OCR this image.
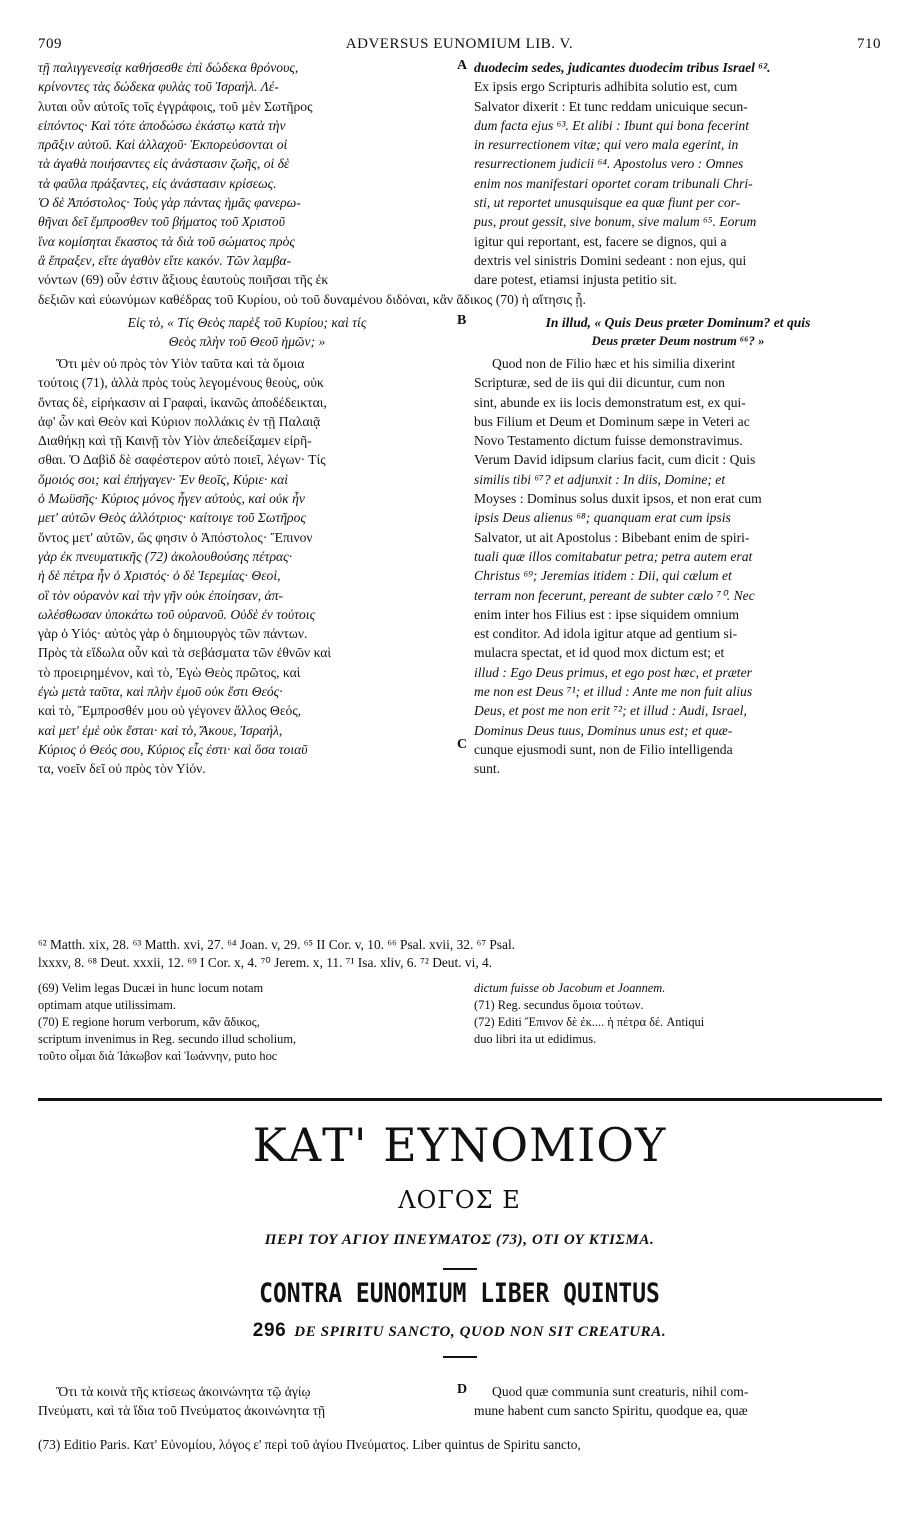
709	ADVERSUS EUNOMIUM LIB. V.	710

τῇ παλιγγενεσίᾳ καθήσεσθε ἐπὶ δώδεκα θρόνους,

κρίνοντες τὰς δώδεκα φυλὰς τοῦ Ἰσραήλ. Λέ-

λυται οὖν αὐτοῖς τοῖς ἐγγράφοις, τοῦ μὲν Σωτῆρος

εἰπόντος· Καὶ τότε ἀποδώσω ἑκάστῳ κατὰ τὴν

πρᾶξιν αὐτοῦ. Καὶ ἀλλαχοῦ· Ἐκπορεύσονται οἱ

τὰ ἀγαθὰ ποιήσαντες εἰς ἀνάστασιν ζωῆς, οἱ δὲ

τὰ φαῦλα πράξαντες, εἰς ἀνάστασιν κρίσεως.

Ὁ δὲ Ἀπόστολος· Τοὺς γὰρ πάντας ἡμᾶς φανερω-

θῆναι δεῖ ἔμπροσθεν τοῦ βήματος τοῦ Χριστοῦ

ἵνα κομίσηται ἕκαστος τὰ διὰ τοῦ σώματος πρὸς

ἃ ἔπραξεν, εἴτε ἀγαθὸν εἴτε κακόν. Τῶν λαμβα-

νόντων (69) οὖν ἐστιν ἄξιους ἑαυτοὺς ποιῆσαι τῆς ἐκ

A duodecim sedes, judicantes duodecim tribus Israel ⁶².

Ex ipsis ergo Scripturis adhibita solutio est, cum

Salvator dixerit : Et tunc reddam unicuique secun-

dum facta ejus ⁶³. Et alibi : Ibunt qui bona fecerint

in resurrectionem vitæ; qui vero mala egerint, in

resurrectionem judicii ⁶⁴. Apostolus vero : Omnes

enim nos manifestari oportet coram tribunali Chri-

sti, ut reportet unusquisque ea quæ fiunt per cor-

pus, prout gessit, sive bonum, sive malum ⁶⁵. Eorum

igitur qui reportant, est, facere se dignos, qui a

dextris vel sinistris Domini sedeant : non ejus, qui

dare potest, etiamsi injusta petitio sit.

δεξιῶν καὶ εὐωνύμων καθέδρας τοῦ Κυρίου, οὐ τοῦ δυναμένου διδόναι, κἂν ἄδικος (70) ἡ αἴτησις ᾖ.

Εἰς τὸ, « Τίς Θεὸς παρὲξ τοῦ Κυρίου; καὶ τίς

Θεὸς πλὴν τοῦ Θεοῦ ἡμῶν; »

B	In illud, « Quis Deus præter Dominum? et quis

Deus præter Deum nostrum ⁶⁶? »

Ὅτι μὲν οὐ πρὸς τὸν Υἱὸν ταῦτα καὶ τὰ ὅμοια

τούτοις (71), ἀλλὰ πρὸς τοὺς λεγομένους θεοὺς, οὐκ

ὄντας δὲ, εἰρήκασιν αἱ Γραφαὶ, ἱκανῶς ἀποδέδεικται,

ἀφ' ὧν καὶ Θεὸν καὶ Κύριον πολλάκις ἐν τῇ Παλαιᾷ

Διαθήκῃ καὶ τῇ Καινῇ τὸν Υἱὸν ἀπεδείξαμεν εἰρῆ-

σθαι. Ὁ Δαβὶδ δὲ σαφέστερον αὐτὸ ποιεῖ, λέγων· Τίς

ὅμοιός σοι; καὶ ἐπήγαγεν· Ἐν θεοῖς, Κύριε· καὶ

ὁ Μωϋσῆς· Κύριος μόνος ἦγεν αὐτοὺς, καὶ οὐκ ἦν

μετ' αὐτῶν Θεὸς ἀλλότριος· καίτοιγε τοῦ Σωτῆρος

ὄντος μετ' αὐτῶν, ὥς φησιν ὁ Ἀπόστολος· Ἔπινον

γὰρ ἐκ πνευματικῆς (72) ἀκολουθούσης πέτρας·

ἡ δὲ πέτρα ἦν ὁ Χριστός· ὁ δὲ Ἱερεμίας· Θεοὶ,

οἳ τὸν οὐρανὸν καὶ τὴν γῆν οὐκ ἐποίησαν, ἀπ-

ωλέσθωσαν ὑποκάτω τοῦ οὐρανοῦ. Οὐδὲ ἐν τούτοις

γὰρ ὁ Υἱός· αὐτὸς γὰρ ὁ δημιουργὸς τῶν πάντων.

Πρὸς τὰ εἴδωλα οὖν καὶ τὰ σεβάσματα τῶν ἐθνῶν καὶ

τὸ προειρημένον, καὶ τὸ, Ἐγὼ Θεὸς πρῶτος, καὶ

ἐγὼ μετὰ ταῦτα, καὶ πλὴν ἐμοῦ οὐκ ἔστι Θεός·

καὶ τὸ, Ἔμπροσθέν μου οὐ γέγονεν ἄλλος Θεός,

καὶ μετ' ἐμὲ οὐκ ἔσται· καὶ τὸ, Ἄκουε, Ἰσραήλ,

Κύριος ὁ Θεός σου, Κύριος εἷς ἐστι· καὶ ὅσα τοιαῦ

τα, νοεῖν δεῖ οὐ πρὸς τὸν Υἱόν.

C

Quod non de Filio hæc et his similia dixerint

Scripturæ, sed de iis qui dii dicuntur, cum non

sint, abunde ex iis locis demonstratum est, ex qui-

bus Filium et Deum et Dominum sæpe in Veteri ac

Novo Testamento dictum fuisse demonstravimus.

Verum David idipsum clarius facit, cum dicit : Quis

similis tibi ⁶⁷? et adjunxit : In diis, Domine; et

Moyses : Dominus solus duxit ipsos, et non erat cum

ipsis Deus alienus ⁶⁸; quanquam erat cum ipsis

Salvator, ut ait Apostolus : Bibebant enim de spiri-

tuali quæ illos comitabatur petra; petra autem erat

Christus ⁶⁹; Jeremias itidem : Dii, qui cælum et

terram non fecerunt, pereant de subter cælo ⁷⁰. Nec

enim inter hos Filius est : ipse siquidem omnium

est conditor. Ad idola igitur atque ad gentium si-

mulacra spectat, et id quod mox dictum est; et

illud : Ego Deus primus, et ego post hæc, et præter

me non est Deus ⁷¹; et illud : Ante me non fuit alius

Deus, et post me non erit ⁷²; et illud : Audi, Israel,

Dominus Deus tuus, Dominus unus est; et quæ-

cunque ejusmodi sunt, non de Filio intelligenda

sunt.

⁶² Matth. xix, 28. ⁶³ Matth. xvi, 27. ⁶⁴ Joan. v, 29. ⁶⁵ II Cor. v, 10. ⁶⁶ Psal. xvii, 32. ⁶⁷ Psal.
lxxxv, 8. ⁶⁸ Deut. xxxii, 12. ⁶⁹ I Cor. x, 4. ⁷⁰ Jerem. x, 11. ⁷¹ Isa. xliv, 6. ⁷² Deut. vi, 4.
(69) Velim legas Ducæi in hunc locum notam
optimam atque utilissimam.
(70) E regione horum verborum, κἂν ἄδικος,
scriptum invenimus in Reg. secundo illud scholium,
τοῦτο οἶμαι διὰ Ἰάκωβον καὶ Ἰωάννην, puto hoc
dictum fuisse ob Jacobum et Joannem.
(71) Reg. secundus ὅμοια τούτων.
(72) Editi Ἔπινον δὲ ἐκ.... ἡ πέτρα δέ. Antiqui
duo libri ita ut edidimus.
ΚΑΤ' ΕΥΝΟΜΙΟΥ
ΛΟΓΟΣ Ε
ΠΕΡΙ ΤΟΥ ΑΓΙΟΥ ΠΝΕΥΜΑΤΟΣ (73), ΟΤΙ ΟΥ ΚΤΙΣΜΑ.
CONTRA EUNOMIUM LIBER QUINTUS
296 DE SPIRITU SANCTO, QUOD NON SIT CREATURA.

Ὅτι τὰ κοινὰ τῆς κτίσεως ἀκοινώνητα τῷ ἁγίῳ

Πνεύματι, καὶ τὰ ἴδια τοῦ Πνεύματος ἀκοινώνητα τῇ

D	Quod quæ communia sunt creaturis, nihil com-

mune habent cum sancto Spiritu, quodque ea, quæ

(73) Editio Paris. Κατ' Εὐνομίου, λόγος ε' περὶ τοῦ ἁγίου Πνεύματος. Liber quintus de Spiritu sancto,
